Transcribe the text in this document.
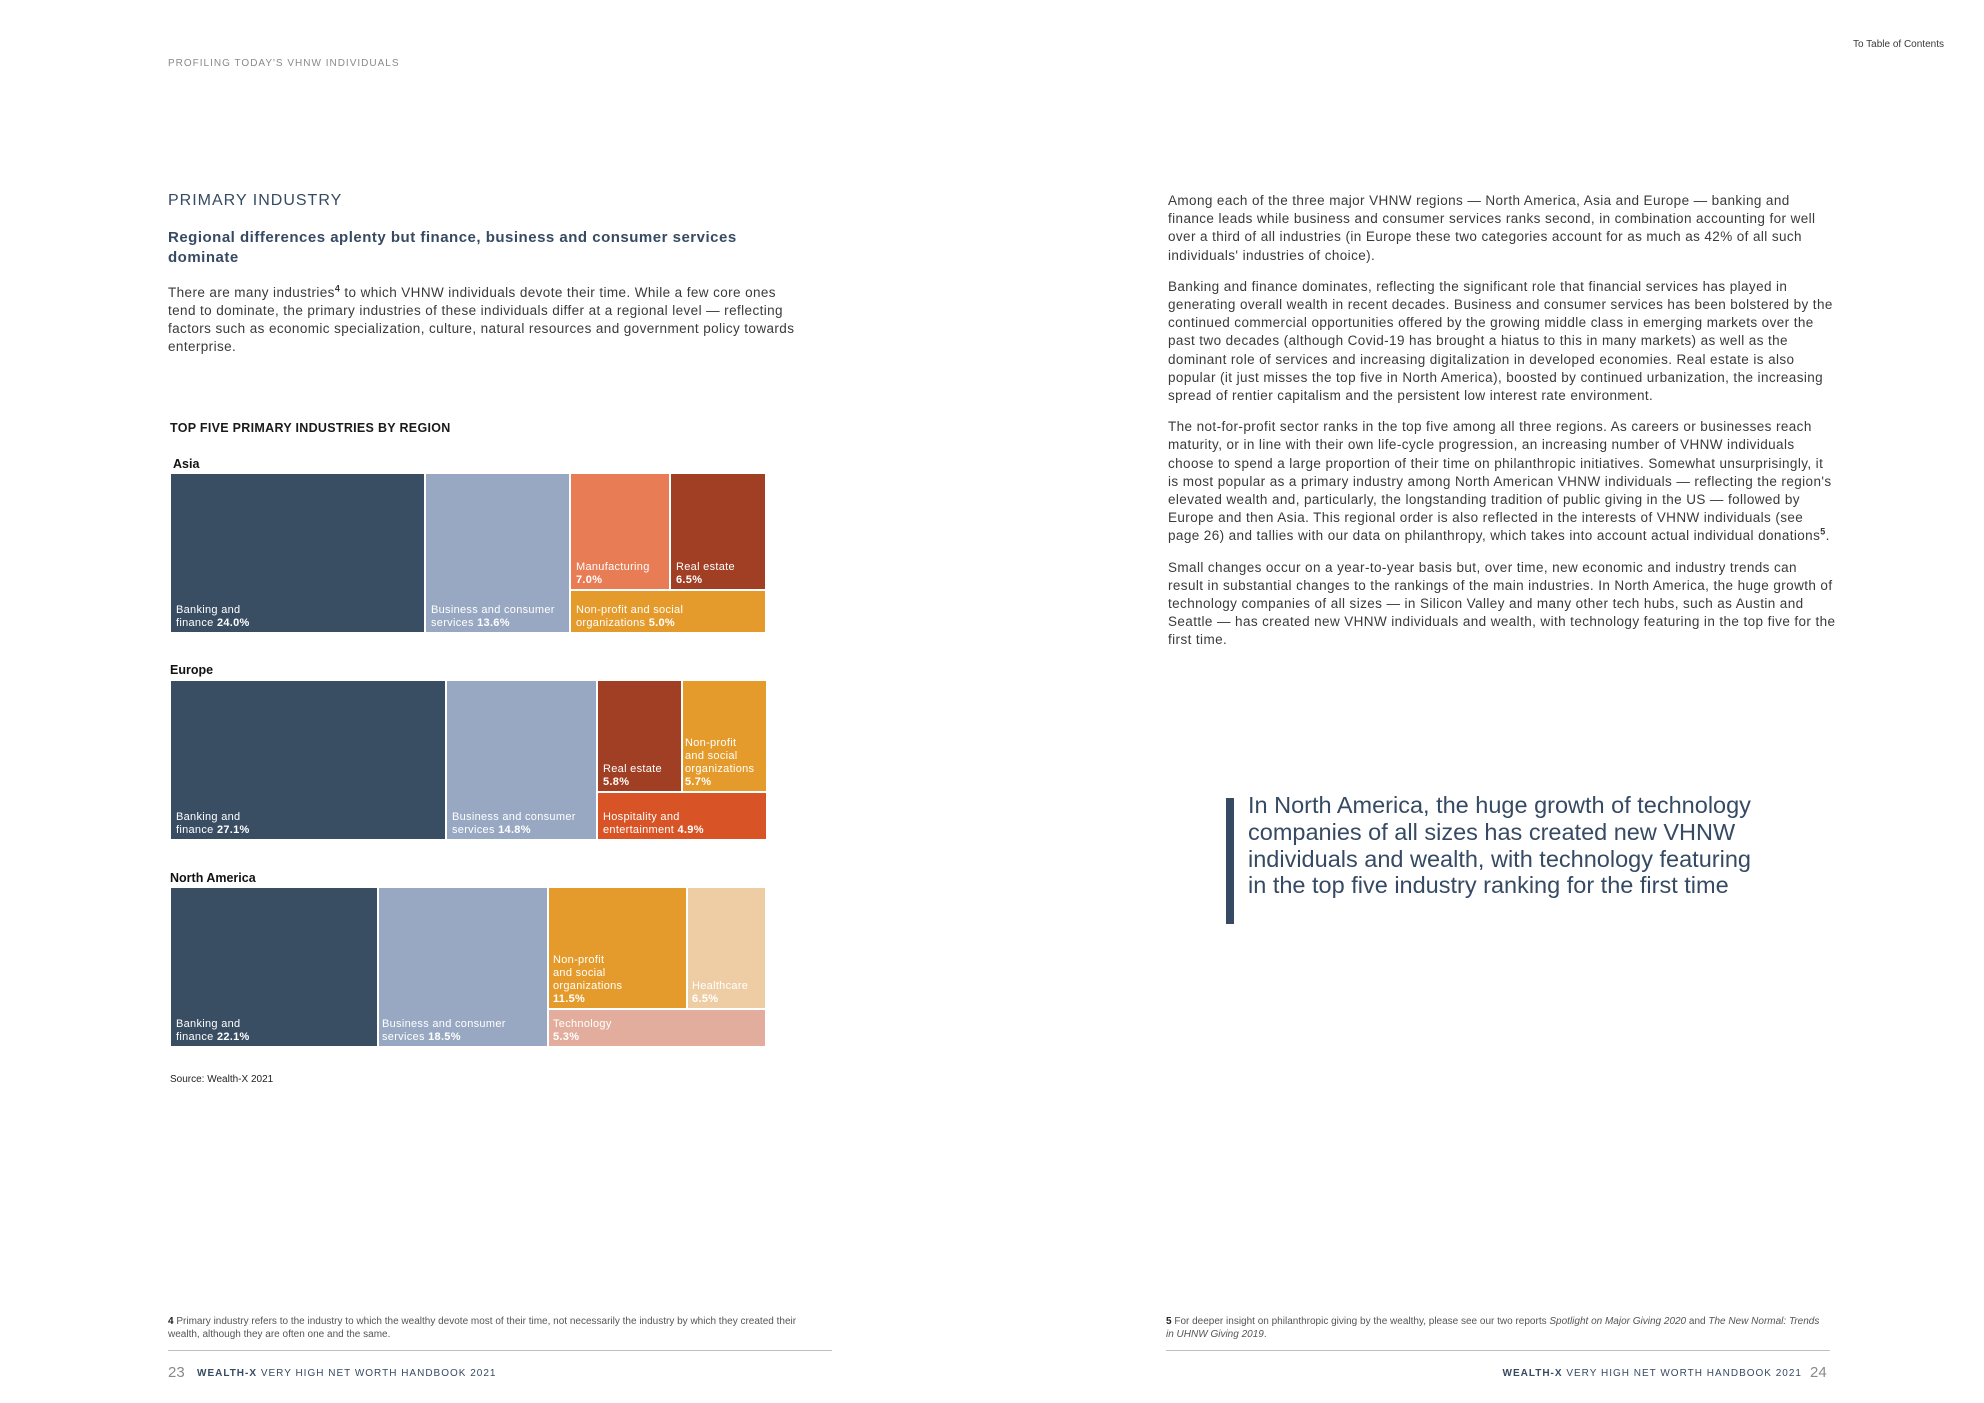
PROFILING TODAY'S VHNW INDIVIDUALS
To Table of Contents
PRIMARY INDUSTRY
Regional differences aplenty but finance, business and consumer services dominate
There are many industries$^4$ to which VHNW individuals devote their time. While a few core ones tend to dominate, the primary industries of these individuals differ at a regional level — reflecting factors such as economic specialization, culture, natural resources and government policy towards enterprise.
TOP FIVE PRIMARY INDUSTRIES BY REGION
Asia
Banking and
finance 24.0%
Business and consumer
services 13.6%
Manufacturing
7.0%
Real estate
6.5%
Non-profit and social
organizations 5.0%
Europe
Banking and
finance 27.1%
Business and consumer
services 14.8%
Real estate
5.8%
Non-profit
and social
organizations
5.7%
Hospitality and
entertainment 4.9%
North America
Banking and
finance 22.1%
Business and consumer
services 18.5%
Non-profit
and social
organizations
11.5%
Healthcare
6.5%
Technology
5.3%
Source: Wealth-X 2021
4 Primary industry refers to the industry to which the wealthy devote most of their time, not necessarily the industry by which they created their wealth, although they are often one and the same.
23 WEALTH-X VERY HIGH NET WORTH HANDBOOK 2021

Among each of the three major VHNW regions — North America, Asia and Europe — banking and finance leads while business and consumer services ranks second, in combination accounting for well over a third of all industries (in Europe these two categories account for as much as 42% of all such individuals' industries of choice).

Banking and finance dominates, reflecting the significant role that financial services has played in generating overall wealth in recent decades. Business and consumer services has been bolstered by the continued commercial opportunities offered by the growing middle class in emerging markets over the past two decades (although Covid-19 has brought a hiatus to this in many markets) as well as the dominant role of services and increasing digitalization in developed economies. Real estate is also popular (it just misses the top five in North America), boosted by continued urbanization, the increasing spread of rentier capitalism and the persistent low interest rate environment.

The not-for-profit sector ranks in the top five among all three regions. As careers or businesses reach maturity, or in line with their own life-cycle progression, an increasing number of VHNW individuals choose to spend a large proportion of their time on philanthropic initiatives. Somewhat unsurprisingly, it is most popular as a primary industry among North American VHNW individuals — reflecting the region's elevated wealth and, particularly, the longstanding tradition of public giving in the US — followed by Europe and then Asia. This regional order is also reflected in the interests of VHNW individuals (see page 26) and tallies with our data on philanthropy, which takes into account actual individual donations$^5$.

Small changes occur on a year-to-year basis but, over time, new economic and industry trends can result in substantial changes to the rankings of the main industries. In North America, the huge growth of technology companies of all sizes — in Silicon Valley and many other tech hubs, such as Austin and Seattle — has created new VHNW individuals and wealth, with technology featuring in the top five for the first time.

In North America, the huge growth of technology companies of all sizes has created new VHNW individuals and wealth, with technology featuring in the top five industry ranking for the first time
5 For deeper insight on philanthropic giving by the wealthy, please see our two reports Spotlight on Major Giving 2020 and The New Normal: Trends in UHNW Giving 2019.
WEALTH-X VERY HIGH NET WORTH HANDBOOK 2021 24
